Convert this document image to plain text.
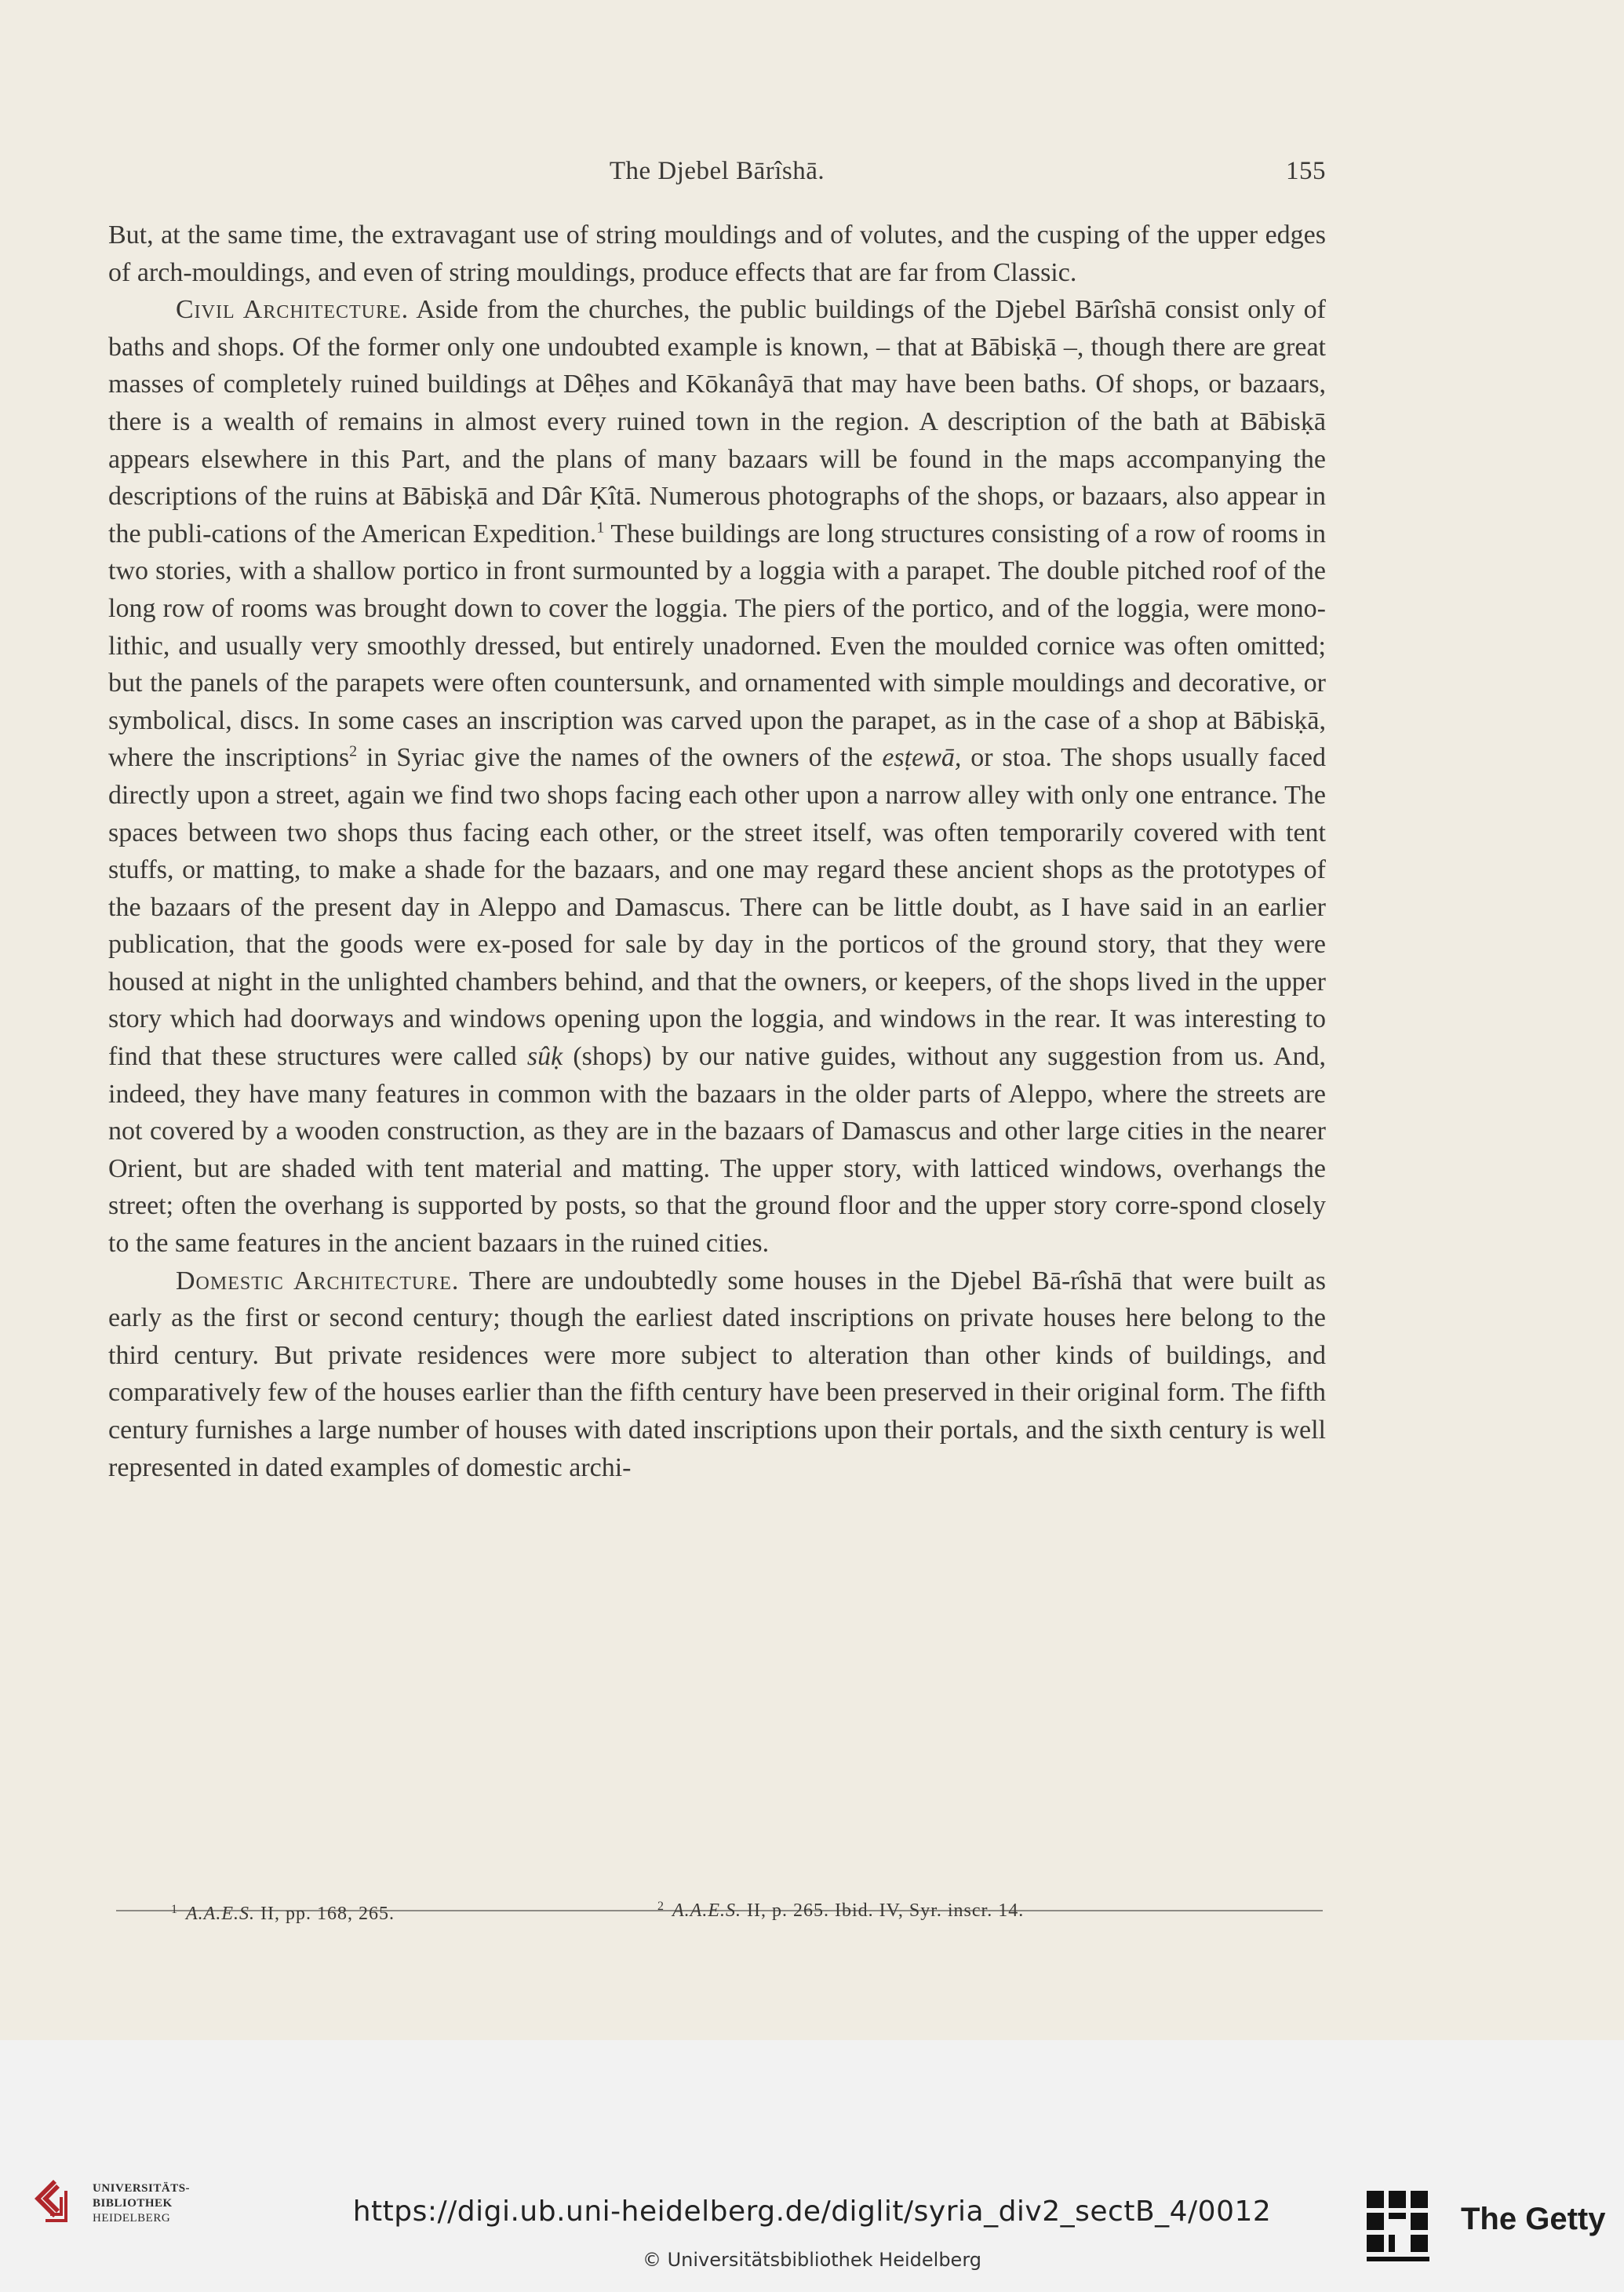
The Djebel Bārîshā.	155

But, at the same time, the extravagant use of string mouldings and of volutes, and the cusping of the upper edges of arch-mouldings, and even of string mouldings, produce effects that are far from Classic.

Civil Architecture. Aside from the churches, the public buildings of the Djebel Bārîshā consist only of baths and shops. Of the former only one undoubted example is known, – that at Bābisḳā –, though there are great masses of completely ruined buildings at Dêḥes and Kōkanâyā that may have been baths. Of shops, or bazaars, there is a wealth of remains in almost every ruined town in the region. A description of the bath at Bābisḳā appears elsewhere in this Part, and the plans of many bazaars will be found in the maps accompanying the descriptions of the ruins at Bābisḳā and Dâr Ḳîtā. Numerous photographs of the shops, or bazaars, also appear in the publi-cations of the American Expedition.$^1$ These buildings are long structures consisting of a row of rooms in two stories, with a shallow portico in front surmounted by a loggia with a parapet. The double pitched roof of the long row of rooms was brought down to cover the loggia. The piers of the portico, and of the loggia, were mono-lithic, and usually very smoothly dressed, but entirely unadorned. Even the moulded cornice was often omitted; but the panels of the parapets were often countersunk, and ornamented with simple mouldings and decorative, or symbolical, discs. In some cases an inscription was carved upon the parapet, as in the case of a shop at Bābisḳā, where the inscriptions$^2$ in Syriac give the names of the owners of the esṭewā, or stoa. The shops usually faced directly upon a street, again we find two shops facing each other upon a narrow alley with only one entrance. The spaces between two shops thus facing each other, or the street itself, was often temporarily covered with tent stuffs, or matting, to make a shade for the bazaars, and one may regard these ancient shops as the prototypes of the bazaars of the present day in Aleppo and Damascus. There can be little doubt, as I have said in an earlier publication, that the goods were ex-posed for sale by day in the porticos of the ground story, that they were housed at night in the unlighted chambers behind, and that the owners, or keepers, of the shops lived in the upper story which had doorways and windows opening upon the loggia, and windows in the rear. It was interesting to find that these structures were called sûḳ (shops) by our native guides, without any suggestion from us. And, indeed, they have many features in common with the bazaars in the older parts of Aleppo, where the streets are not covered by a wooden construction, as they are in the bazaars of Damascus and other large cities in the nearer Orient, but are shaded with tent material and matting. The upper story, with latticed windows, overhangs the street; often the overhang is supported by posts, so that the ground floor and the upper story corre-spond closely to the same features in the ancient bazaars in the ruined cities.

Domestic Architecture. There are undoubtedly some houses in the Djebel Bā-rîshā that were built as early as the first or second century; though the earliest dated inscriptions on private houses here belong to the third century. But private residences were more subject to alteration than other kinds of buildings, and comparatively few of the houses earlier than the fifth century have been preserved in their original form. The fifth century furnishes a large number of houses with dated inscriptions upon their portals, and the sixth century is well represented in dated examples of domestic archi-

$^1$ A.A.E.S. II, pp. 168, 265.	$^2$ A.A.E.S. II, p. 265. Ibid. IV, Syr. inscr. 14.
UNIVERSITÄTS-
BIBLIOTHEK
HEIDELBERG	https://digi.ub.uni-heidelberg.de/diglit/syria_div2_sectB_4/0012
© Universitätsbibliothek Heidelberg
The Getty
